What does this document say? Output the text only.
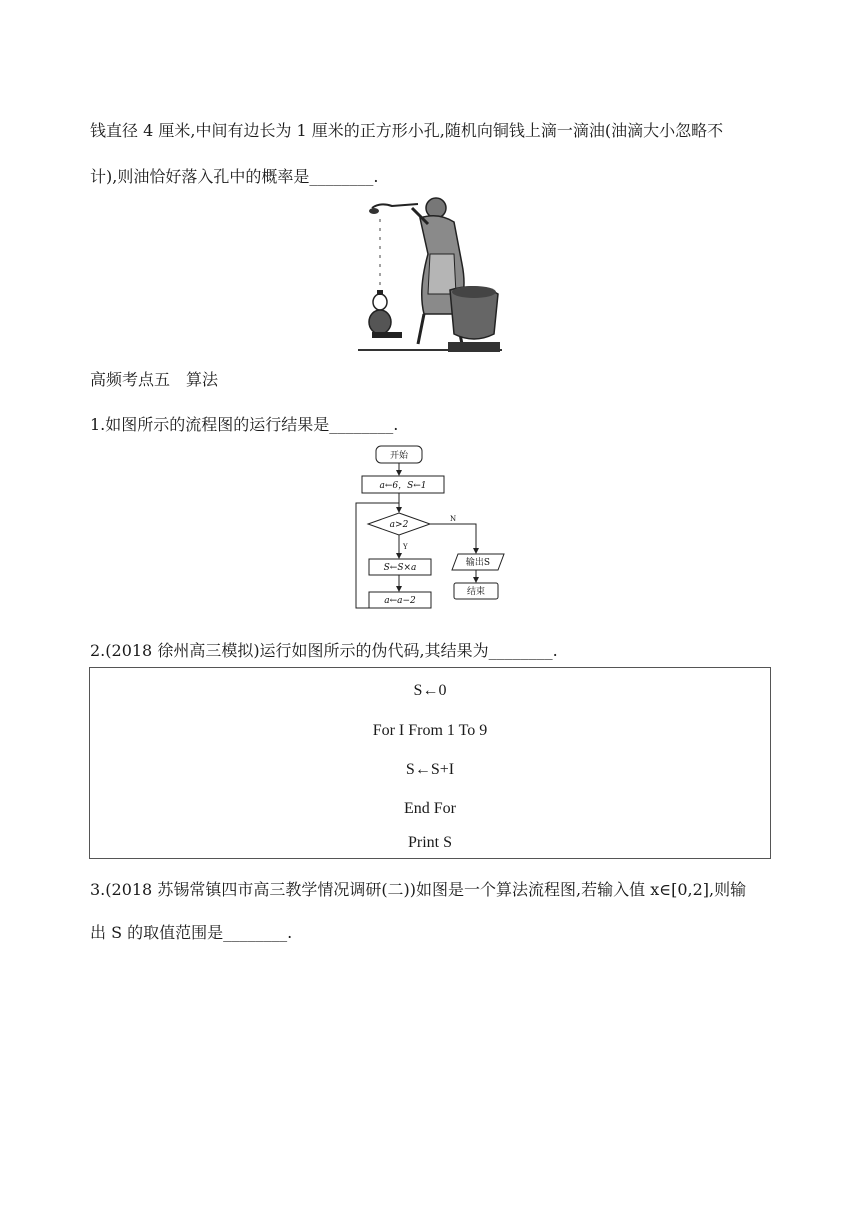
钱直径 4 厘米,中间有边长为 1 厘米的正方形小孔,随机向铜钱上滴一滴油(油滴大小忽略不
计),则油恰好落入孔中的概率是________.
高频考点五　算法
1.如图所示的流程图的运行结果是________.
开始
a←6，S←1
a>2
Y
N
S←S×a
a←a−2
输出S
结束
2.(2018 徐州高三模拟)运行如图所示的伪代码,其结果为________.
S←0
For I From 1 To 9
S←S+I
End For
Print S
3.(2018 苏锡常镇四市高三教学情况调研(二))如图是一个算法流程图,若输入值 x∈[0,2],则输
出 S 的取值范围是________.
